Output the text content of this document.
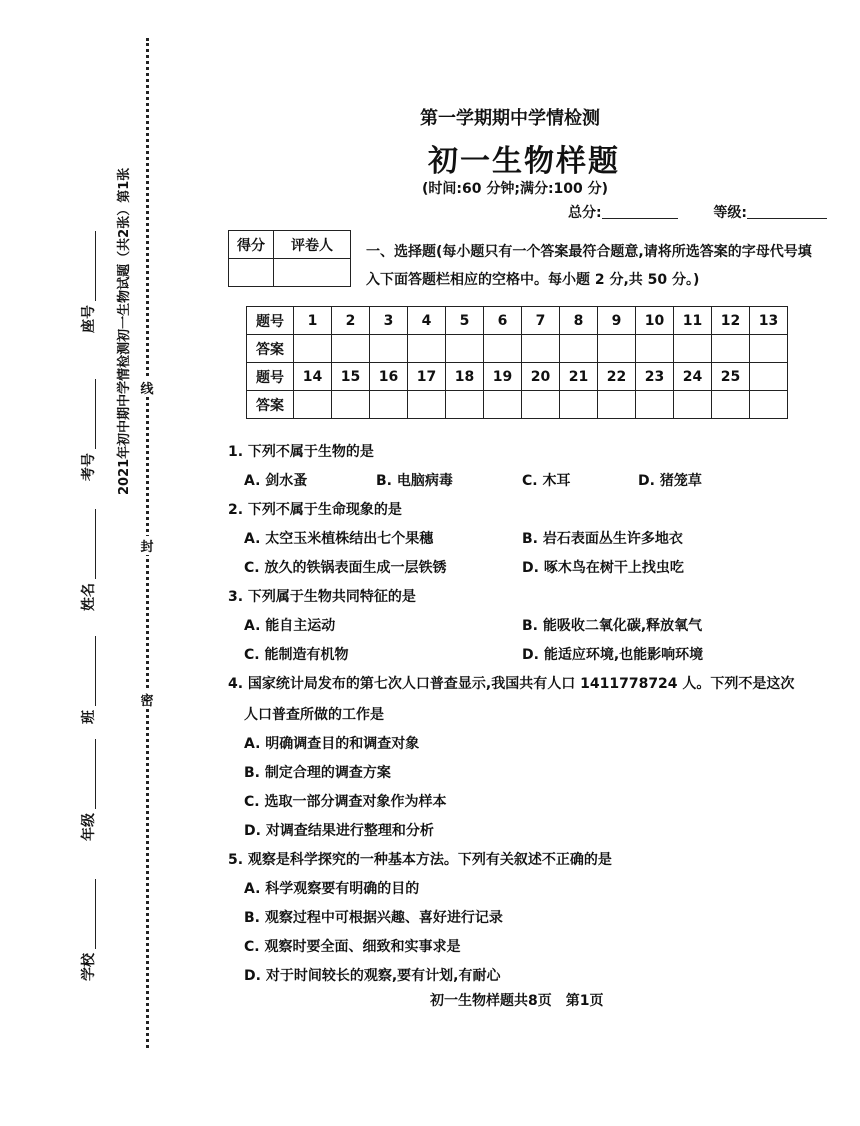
线
封
密
座号
考号
姓名
班
年级
学校
2021年初中期中学情检测初一生物试题（共2张）第1张
第一学期期中学情检测
初一生物样题
(时间:60 分钟;满分:100 分)
总分:	等级:
得分	评卷人
	一、选择题(每小题只有一个答案最符合题意,请将所选答案的字母代号填入下面答题栏相应的空格中。每小题 2 分,共 50 分。)
题号	1	2	3	4	5	6	7	8	9	10	11	12	13
答案													
题号	14	15	16	17	18	19	20	21	22	23	24	25	
答案													
1. 下列不属于生物的是
A. 剑水蚤	B. 电脑病毒	C. 木耳	D. 猪笼草
2. 下列不属于生命现象的是
A. 太空玉米植株结出七个果穗	B. 岩石表面丛生许多地衣
C. 放久的铁锅表面生成一层铁锈	D. 啄木鸟在树干上找虫吃
3. 下列属于生物共同特征的是
A. 能自主运动	B. 能吸收二氧化碳,释放氧气
C. 能制造有机物	D. 能适应环境,也能影响环境
4. 国家统计局发布的第七次人口普查显示,我国共有人口 1411778724 人。下列不是这次
人口普查所做的工作是
A. 明确调查目的和调查对象
B. 制定合理的调查方案
C. 选取一部分调查对象作为样本
D. 对调查结果进行整理和分析
5. 观察是科学探究的一种基本方法。下列有关叙述不正确的是
A. 科学观察要有明确的目的
B. 观察过程中可根据兴趣、喜好进行记录
C. 观察时要全面、细致和实事求是
D. 对于时间较长的观察,要有计划,有耐心
初一生物样题共8页　第1页
